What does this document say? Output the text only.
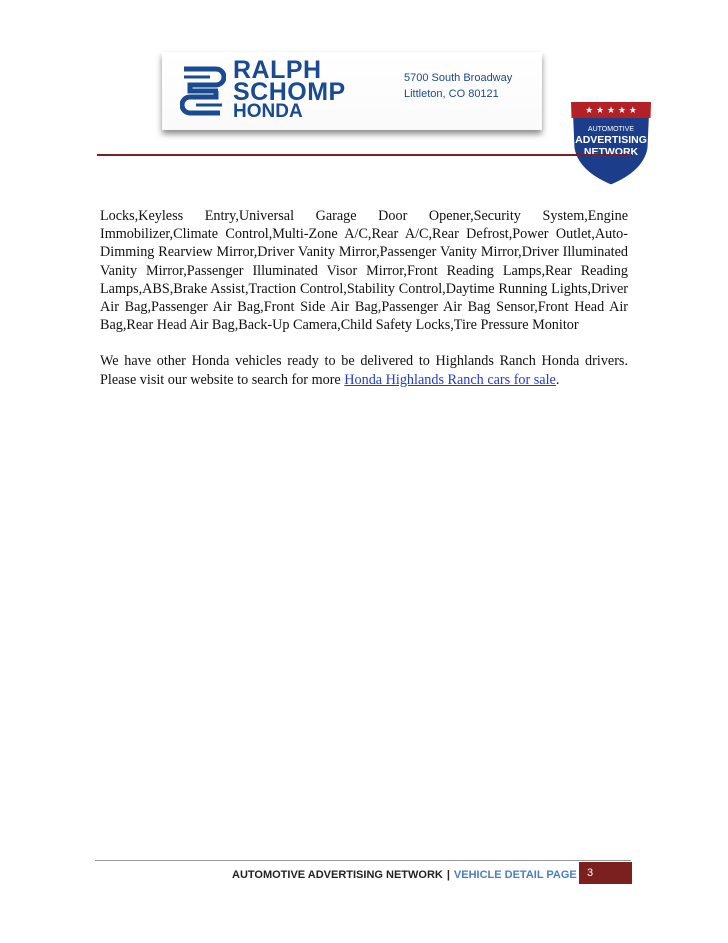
RALPH
SCHOMP
HONDA
5700 South Broadway
Littleton, CO 80121
★ ★ ★ ★ ★
AUTOMOTIVE
ADVERTISING
NETWORK

Locks,Keyless Entry,Universal Garage Door Opener,Security System,Engine Immobilizer,Climate Control,Multi-Zone A/C,Rear A/C,Rear Defrost,Power Outlet,Auto-Dimming Rearview Mirror,Driver Vanity Mirror,Passenger Vanity Mirror,Driver Illuminated Vanity Mirror,Passenger Illuminated Visor Mirror,Front Reading Lamps,Rear Reading Lamps,ABS,Brake Assist,Traction Control,Stability Control,Daytime Running Lights,Driver Air Bag,Passenger Air Bag,Front Side Air Bag,Passenger Air Bag Sensor,Front Head Air Bag,Rear Head Air Bag,Back-Up Camera,Child Safety Locks,Tire Pressure Monitor

We have other Honda vehicles ready to be delivered to Highlands Ranch Honda drivers. Please visit our website to search for more Honda Highlands Ranch cars for sale.

AUTOMOTIVE ADVERTISING NETWORK | VEHICLE DETAIL PAGE 3
